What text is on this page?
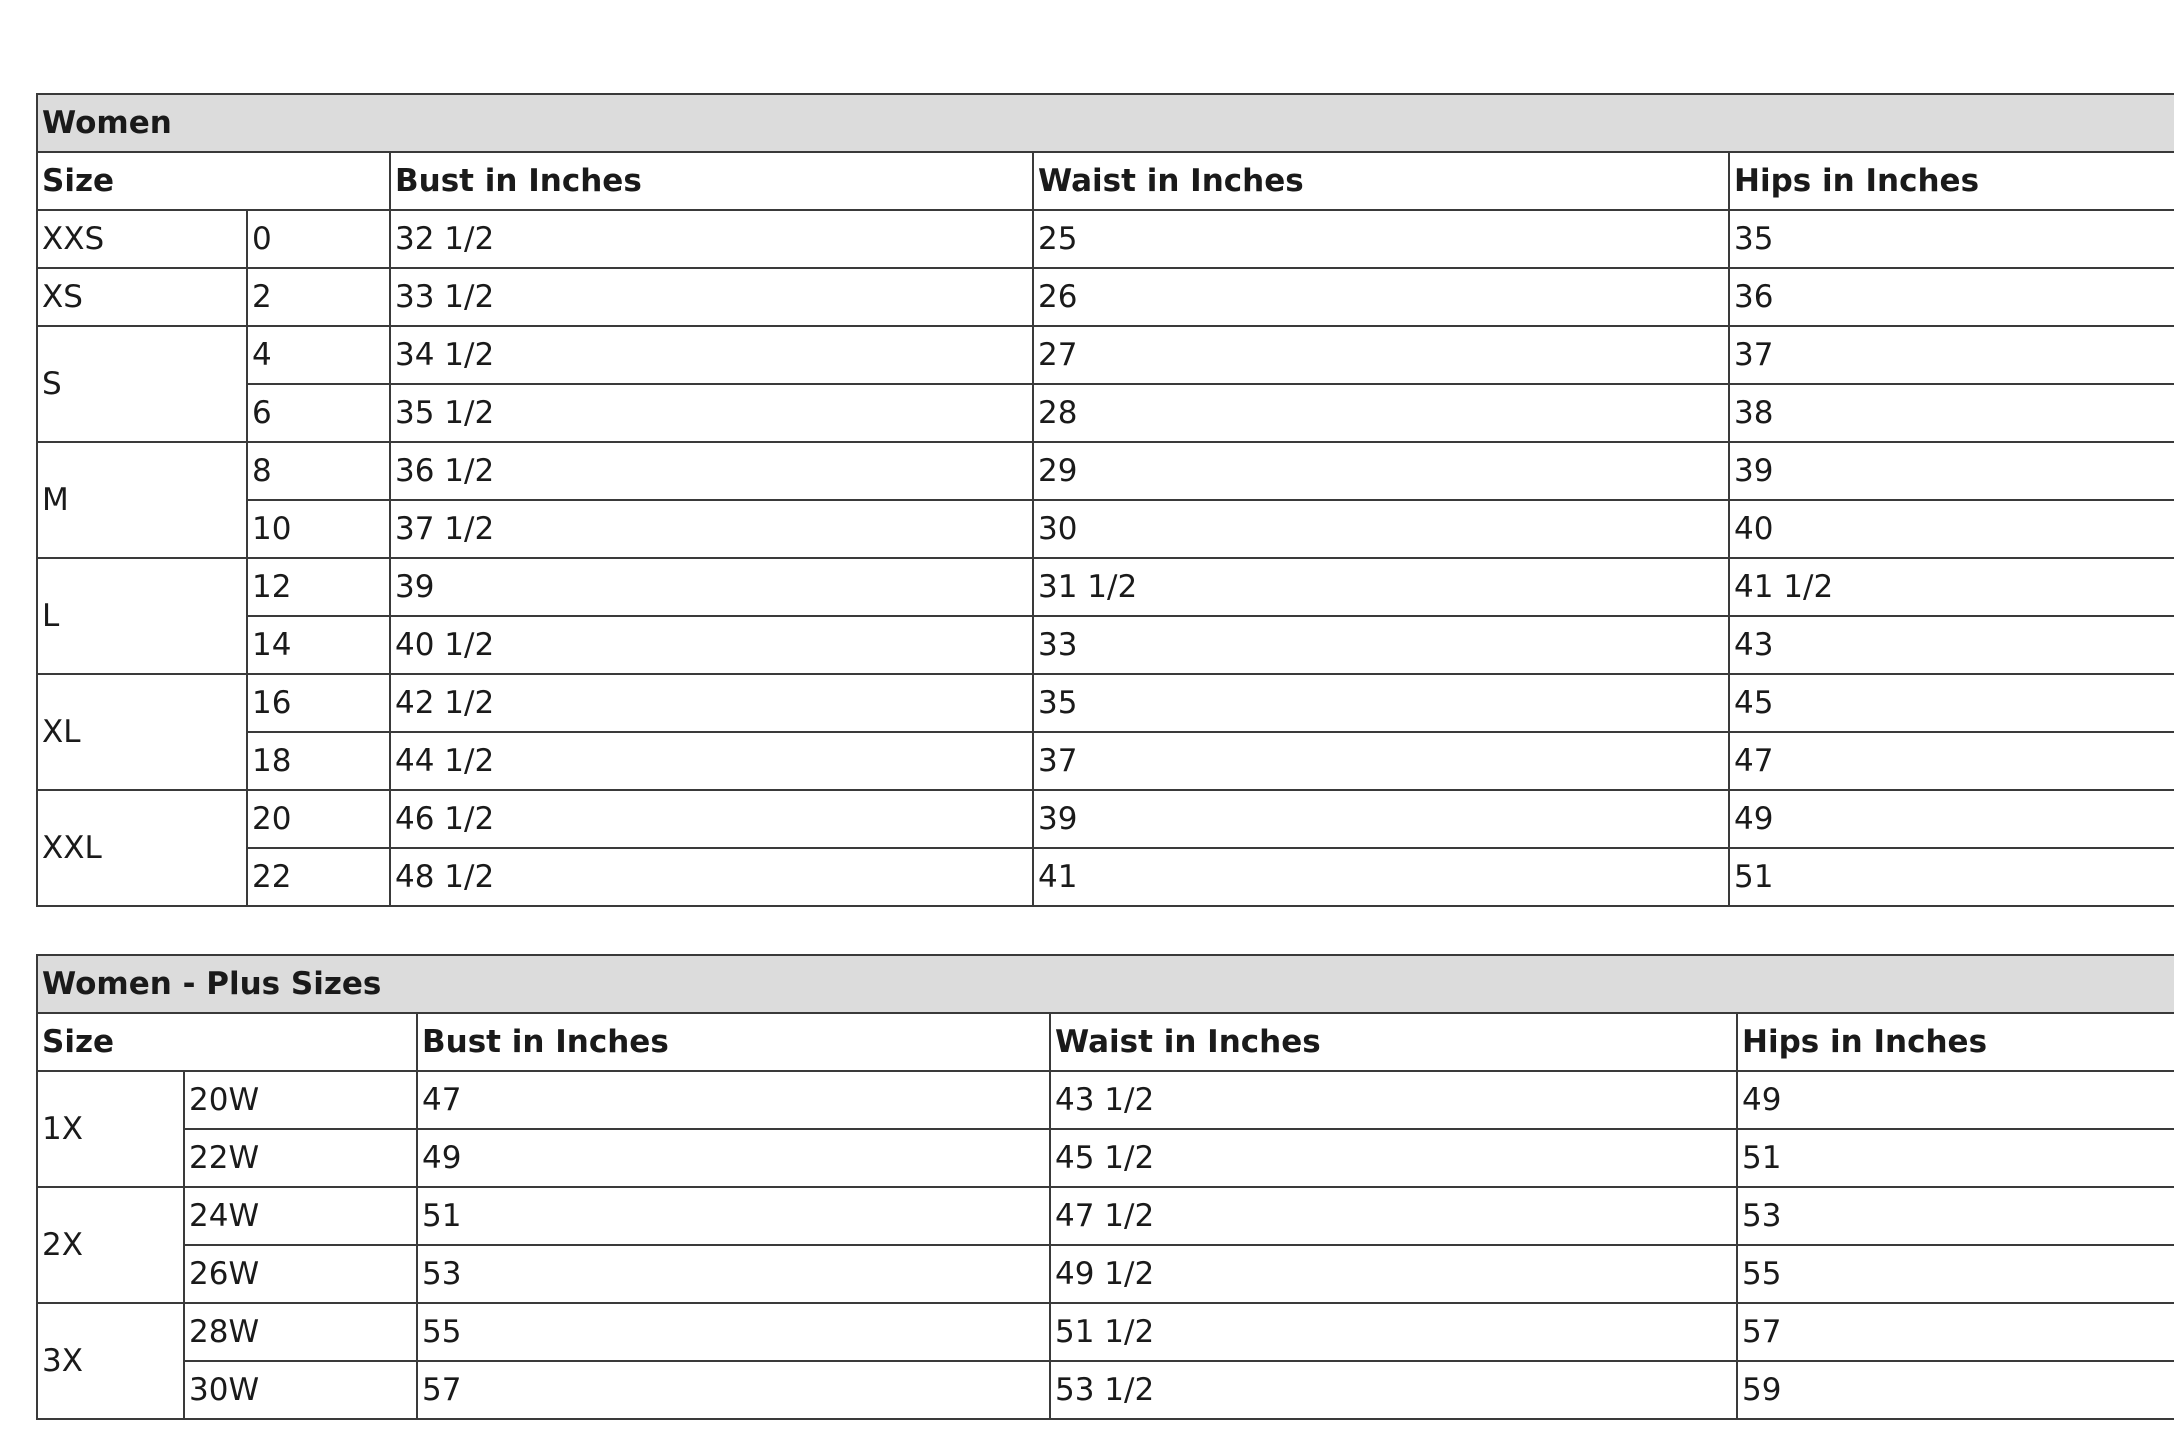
Women				
Size		Bust in Inches	Waist in Inches	Hips in Inches
XXS	0	32 1/2	25	35
XS	2	33 1/2	26	36
S	4	34 1/2	27	37
	6	35 1/2	28	38
M	8	36 1/2	29	39
	10	37 1/2	30	40
L	12	39	31 1/2	41 1/2
	14	40 1/2	33	43
XL	16	42 1/2	35	45
	18	44 1/2	37	47
XXL	20	46 1/2	39	49
	22	48 1/2	41	51
Women - Plus Sizes				
Size		Bust in Inches	Waist in Inches	Hips in Inches
1X	20W	47	43 1/2	49
	22W	49	45 1/2	51
2X	24W	51	47 1/2	53
	26W	53	49 1/2	55
3X	28W	55	51 1/2	57
	30W	57	53 1/2	59
